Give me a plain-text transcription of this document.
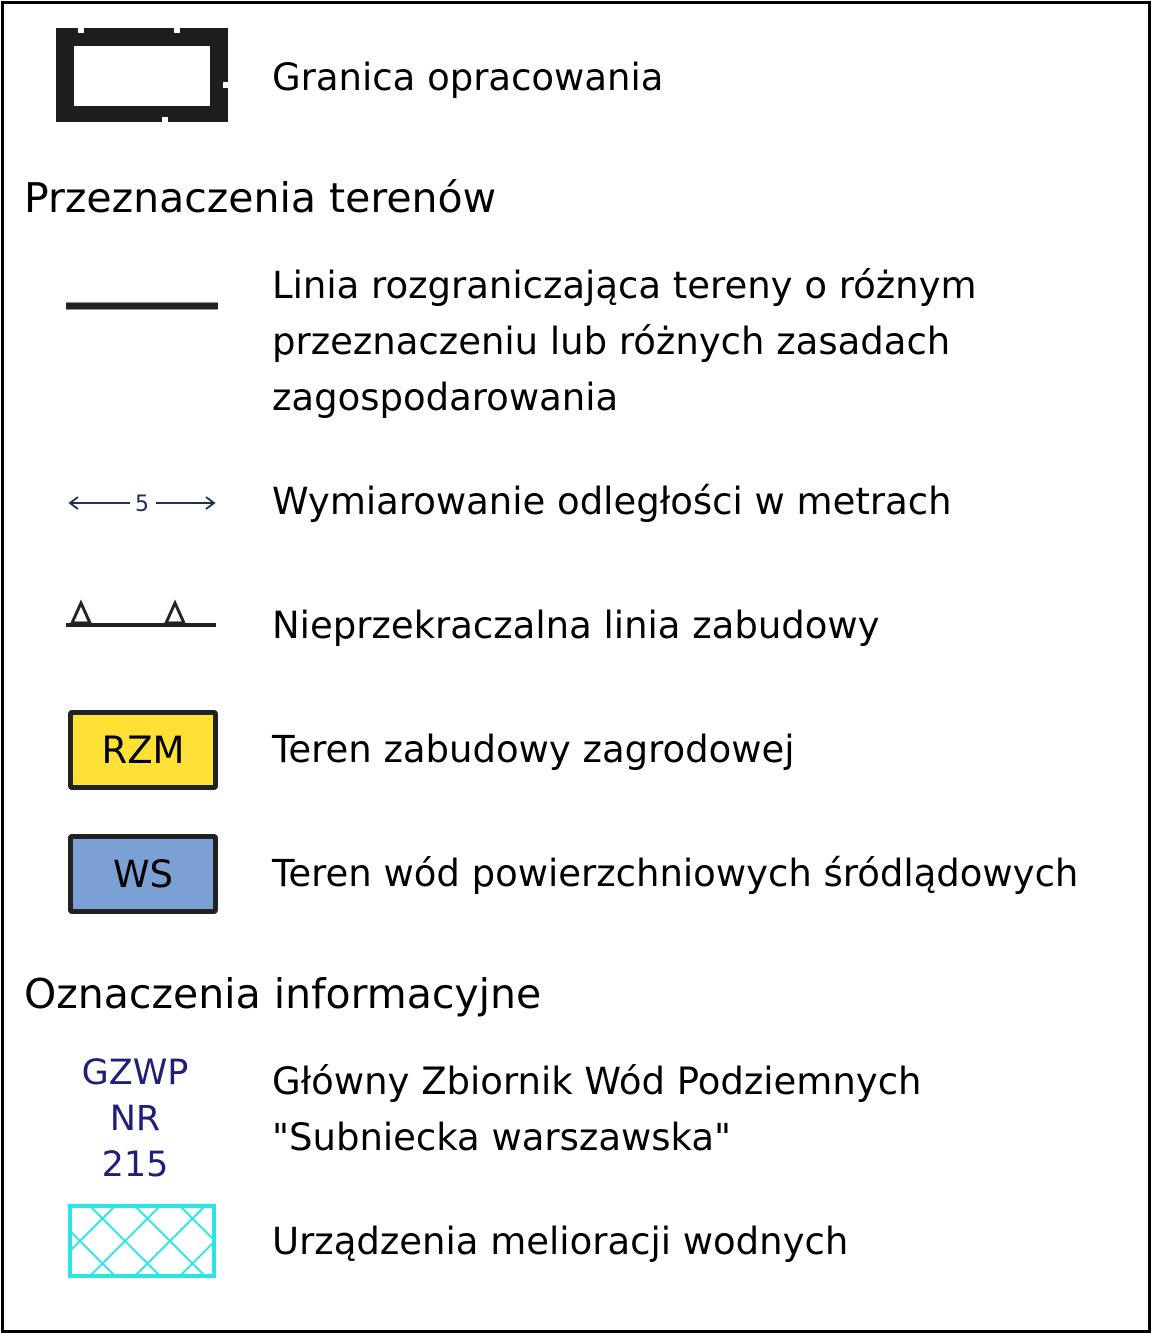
Granica opracowania
Przeznaczenia terenów
Linia rozgraniczająca tereny o różnym
przeznaczeniu lub różnych zasadach
zagospodarowania
5	Wymiarowanie odległości w metrach
Nieprzekraczalna linia zabudowy
RZM Teren zabudowy zagrodowej
WS	Teren wód powierzchniowych śródlądowych
Oznaczenia informacyjne
GZWP
NR
215
Główny Zbiornik Wód Podziemnych
"Subniecka warszawska"
Urządzenia melioracji wodnych
